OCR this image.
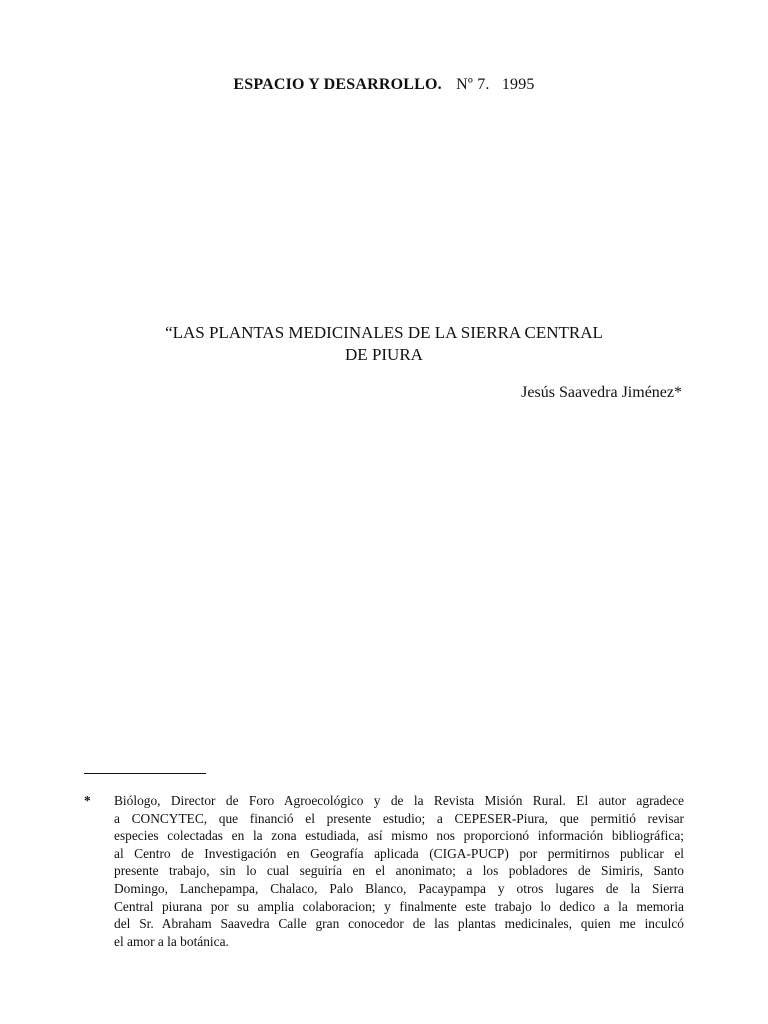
ESPACIO Y DESARROLLO. Nº 7. 1995
“LAS PLANTAS MEDICINALES DE LA SIERRA CENTRAL
DE PIURA
Jesús Saavedra Jiménez*
* Biólogo, Director de Foro Agroecológico y de la Revista Misión Rural. El autor agradece
a CONCYTEC, que financió el presente estudio; a CEPESER-Piura, que permitió revisar
especies colectadas en la zona estudiada, así mismo nos proporcionó información bibliográfica;
al Centro de Investigación en Geografía aplicada (CIGA-PUCP) por permitirnos publicar el
presente trabajo, sin lo cual seguiría en el anonimato; a los pobladores de Simiris, Santo
Domingo, Lanchepampa, Chalaco, Palo Blanco, Pacaypampa y otros lugares de la Sierra
Central piurana por su amplia colaboracion; y finalmente este trabajo lo dedico a la memoria
del Sr. Abraham Saavedra Calle gran conocedor de las plantas medicinales, quien me inculcó
el amor a la botánica.
